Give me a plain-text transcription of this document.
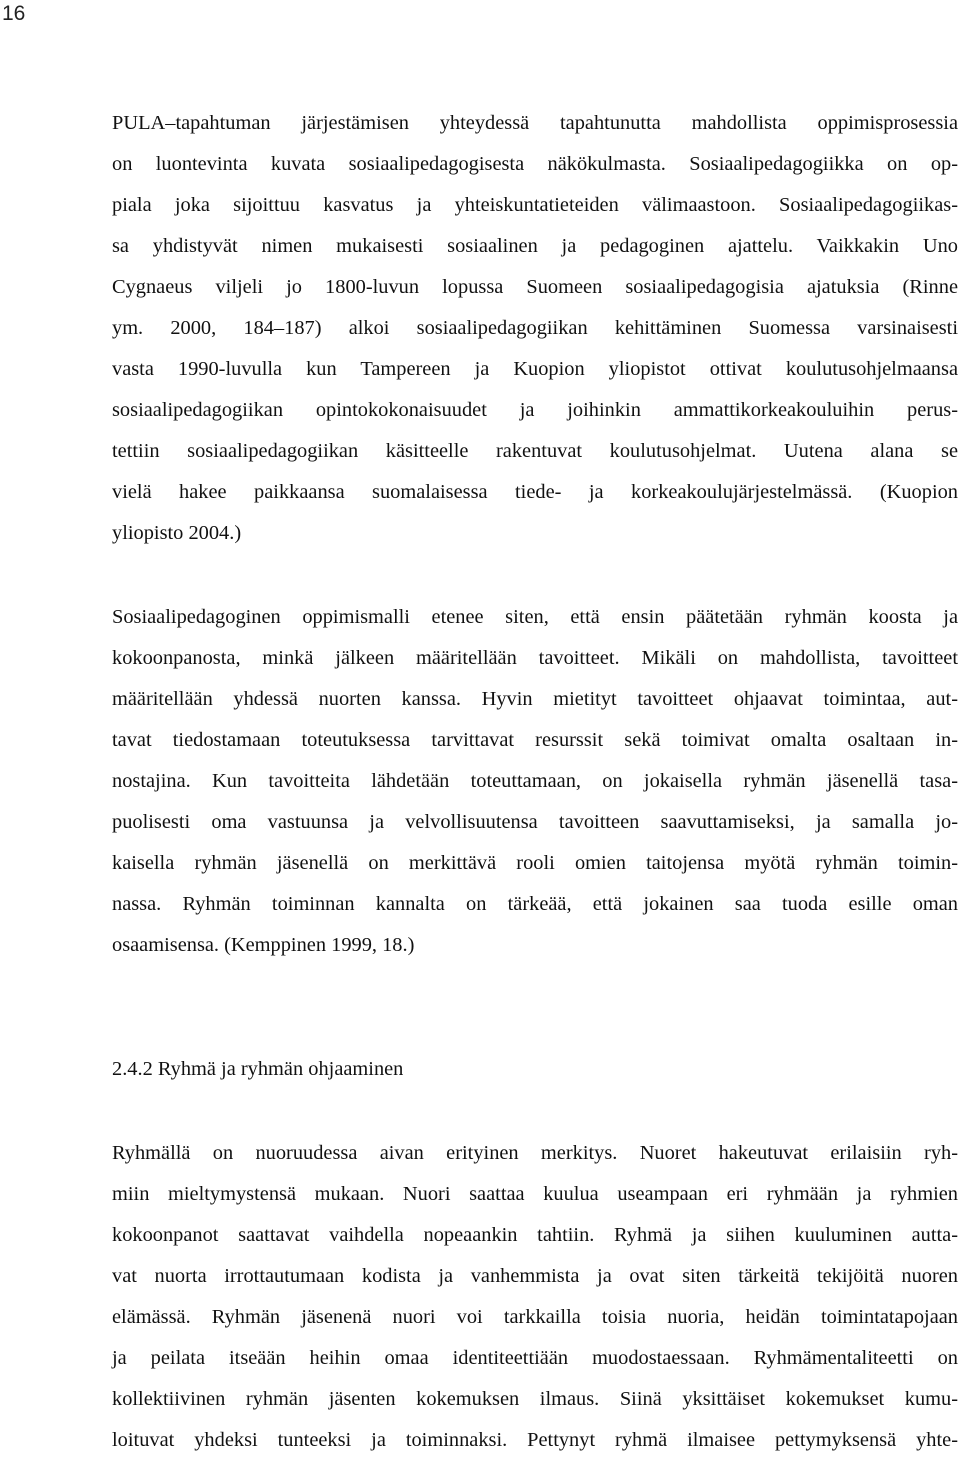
16
PULA–tapahtuman järjestämisen yhteydessä tapahtunutta mahdollista oppimisprosessia
on luontevinta kuvata sosiaalipedagogisesta näkökulmasta. Sosiaalipedagogiikka on op-
piala joka sijoittuu kasvatus ja yhteiskuntatieteiden välimaastoon. Sosiaalipedagogiikas-
sa yhdistyvät nimen mukaisesti sosiaalinen ja pedagoginen ajattelu. Vaikkakin Uno
Cygnaeus viljeli jo 1800-luvun lopussa Suomeen sosiaalipedagogisia ajatuksia (Rinne
ym. 2000, 184–187) alkoi sosiaalipedagogiikan kehittäminen Suomessa varsinaisesti
vasta 1990-luvulla kun Tampereen ja Kuopion yliopistot ottivat koulutusohjelmaansa
sosiaalipedagogiikan opintokokonaisuudet ja joihinkin ammattikorkeakouluihin perus-
tettiin sosiaalipedagogiikan käsitteelle rakentuvat koulutusohjelmat. Uutena alana se
vielä hakee paikkaansa suomalaisessa tiede- ja korkeakoulujärjestelmässä. (Kuopion
yliopisto 2004.)
Sosiaalipedagoginen oppimismalli etenee siten, että ensin päätetään ryhmän koosta ja
kokoonpanosta, minkä jälkeen määritellään tavoitteet. Mikäli on mahdollista, tavoitteet
määritellään yhdessä nuorten kanssa. Hyvin mietityt tavoitteet ohjaavat toimintaa, aut-
tavat tiedostamaan toteutuksessa tarvittavat resurssit sekä toimivat omalta osaltaan in-
nostajina. Kun tavoitteita lähdetään toteuttamaan, on jokaisella ryhmän jäsenellä tasa-
puolisesti oma vastuunsa ja velvollisuutensa tavoitteen saavuttamiseksi, ja samalla jo-
kaisella ryhmän jäsenellä on merkittävä rooli omien taitojensa myötä ryhmän toimin-
nassa. Ryhmän toiminnan kannalta on tärkeää, että jokainen saa tuoda esille oman
osaamisensa. (Kemppinen 1999, 18.)
2.4.2 Ryhmä ja ryhmän ohjaaminen
Ryhmällä on nuoruudessa aivan erityinen merkitys. Nuoret hakeutuvat erilaisiin ryh-
miin mieltymystensä mukaan. Nuori saattaa kuulua useampaan eri ryhmään ja ryhmien
kokoonpanot saattavat vaihdella nopeaankin tahtiin. Ryhmä ja siihen kuuluminen autta-
vat nuorta irrottautumaan kodista ja vanhemmista ja ovat siten tärkeitä tekijöitä nuoren
elämässä. Ryhmän jäsenenä nuori voi tarkkailla toisia nuoria, heidän toimintatapojaan
ja peilata itseään heihin omaa identiteettiään muodostaessaan. Ryhmämentaliteetti on
kollektiivinen ryhmän jäsenten kokemuksen ilmaus. Siinä yksittäiset kokemukset kumu-
loituvat yhdeksi tunteeksi ja toiminnaksi. Pettynyt ryhmä ilmaisee pettymyksensä yhte-
